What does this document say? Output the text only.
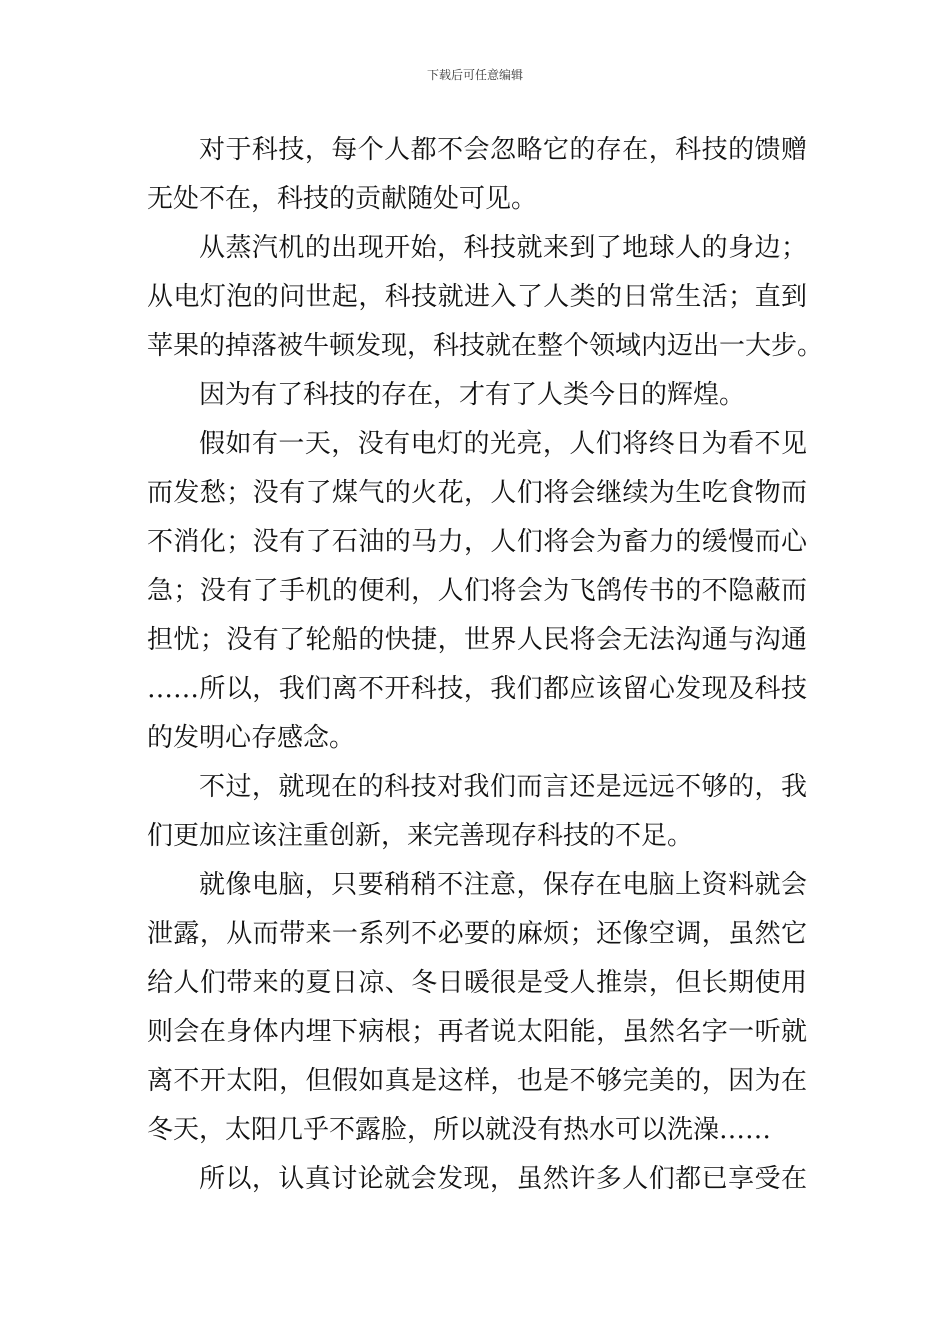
下载后可任意编辑
对于科技，每个人都不会忽略它的存在，科技的馈赠
无处不在，科技的贡献随处可见。
从蒸汽机的出现开始，科技就来到了地球人的身边；
从电灯泡的问世起，科技就进入了人类的日常生活；直到
苹果的掉落被牛顿发现，科技就在整个领域内迈出一大步。
因为有了科技的存在，才有了人类今日的辉煌。
假如有一天，没有电灯的光亮，人们将终日为看不见
而发愁；没有了煤气的火花，人们将会继续为生吃食物而
不消化；没有了石油的马力，人们将会为畜力的缓慢而心
急；没有了手机的便利，人们将会为飞鸽传书的不隐蔽而
担忧；没有了轮船的快捷，世界人民将会无法沟通与沟通
……所以，我们离不开科技，我们都应该留心发现及科技
的发明心存感念。
不过，就现在的科技对我们而言还是远远不够的，我
们更加应该注重创新，来完善现存科技的不足。
就像电脑，只要稍稍不注意，保存在电脑上资料就会
泄露，从而带来一系列不必要的麻烦；还像空调，虽然它
给人们带来的夏日凉、冬日暖很是受人推崇，但长期使用
则会在身体内埋下病根；再者说太阳能，虽然名字一听就
离不开太阳，但假如真是这样，也是不够完美的，因为在
冬天，太阳几乎不露脸，所以就没有热水可以洗澡……
所以，认真讨论就会发现，虽然许多人们都已享受在
